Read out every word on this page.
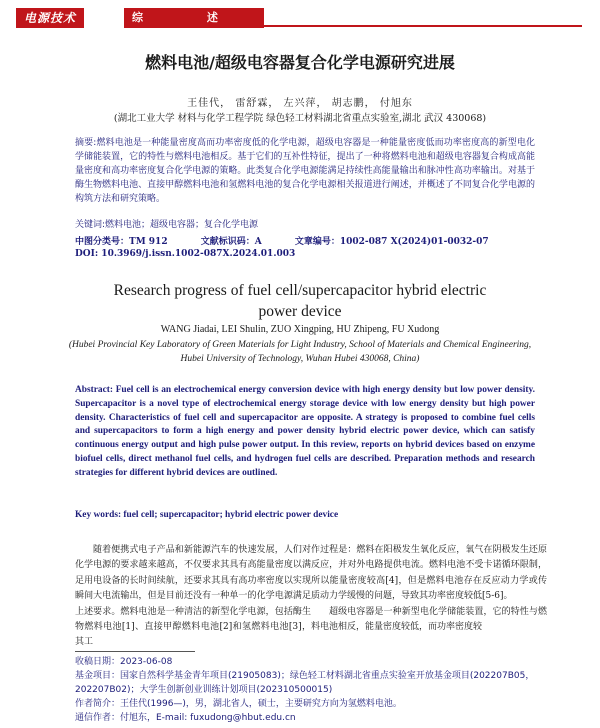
电源技术	综	述
燃料电池/超级电容器复合化学电源研究进展
王佳代， 雷舒霖， 左兴萍， 胡志鹏， 付旭东
(湖北工业大学 材料与化学工程学院 绿色轻工材料湖北省重点实验室,湖北 武汉 430068)
摘要:燃料电池是一种能量密度高而功率密度低的化学电源，超级电容器是一种能量密度低而功率密度高的新型电化学储能装置，它的特性与燃料电池相反。基于它们的互补性特征，提出了一种将燃料电池和超级电容器复合构成高能量密度和高功率密度复合化学电源的策略。此类复合化学电源能满足持续性高能量输出和脉冲性高功率输出。对基于酶生物燃料电池、直接甲醇燃料电池和氢燃料电池的复合化学电源相关报道进行阐述，并概述了不同复合化学电源的构筑方法和研究策略。
关键词:燃料电池；超级电容器；复合化学电源
中图分类号：TM 912	文献标识码：A	文章编号：1002-087 X(2024)01-0032-07
DOI: 10.3969/j.issn.1002-087X.2024.01.003
Research progress of fuel cell/supercapacitor hybrid electric power device
WANG Jiadai, LEI Shulin, ZUO Xingping, HU Zhipeng, FU Xudong
(Hubei Provincial Key Laboratory of Green Materials for Light Industry, School of Materials and Chemical Engineering, Hubei University of Technology, Wuhan Hubei 430068, China)
Abstract: Fuel cell is an electrochemical energy conversion device with high energy density but low power density. Supercapacitor is a novel type of electrochemical energy storage device with low energy density but high power density. Characteristics of fuel cell and supercapacitor are opposite. A strategy is proposed to combine fuel cells and supercapacitors to form a high energy and power density hybrid electric power device, which can satisfy continuous energy output and high pulse power output. In this review, reports on hybrid devices based on enzyme biofuel cells, direct methanol fuel cells, and hydrogen fuel cells are described. Preparation methods and research strategies for different hybrid devices are outlined.
Key words: fuel cell; supercapacitor; hybrid electric power device
随着便携式电子产品和新能源汽车的快速发展，人们对化学电源的要求越来越高，不仅要求其具有高能量密度以满足用电设备的长时间续航，还要求其具有高功率密度以实现瞬间大电流输出，但是目前还没有一种单一的化学电源满足上述要求。燃料电池是一种清洁的新型化学电源，包括酶生物燃料电池[1]、直接甲醇燃料电池[2]和氢燃料电池[3]，其工

作过程是：燃料在阳极发生氧化反应，氧气在阴极发生还原反应，并对外电路提供电流。燃料电池不受卡诺循环限制，所以能量密度较高[4]，但是燃料电池存在反应动力学或传质动力学缓慢的问题，导致其功率密度较低[5-6]。

超级电容器是一种新型电化学储能装置，它的特性与燃料电池相反，能量密度较低，而功率密度较

收稿日期：2023-06-08
基金项目：国家自然科学基金青年项目(21905083)；绿色轻工材料湖北省重点实验室开放基金项目(202207B05，202207B02)；大学生创新创业训练计划项目(202310500015)
作者简介：王佳代(1996—)，男，湖北省人，硕士，主要研究方向为氢燃料电池。
通信作者：付旭东，E-mail: fuxudong@hbut.edu.cn
